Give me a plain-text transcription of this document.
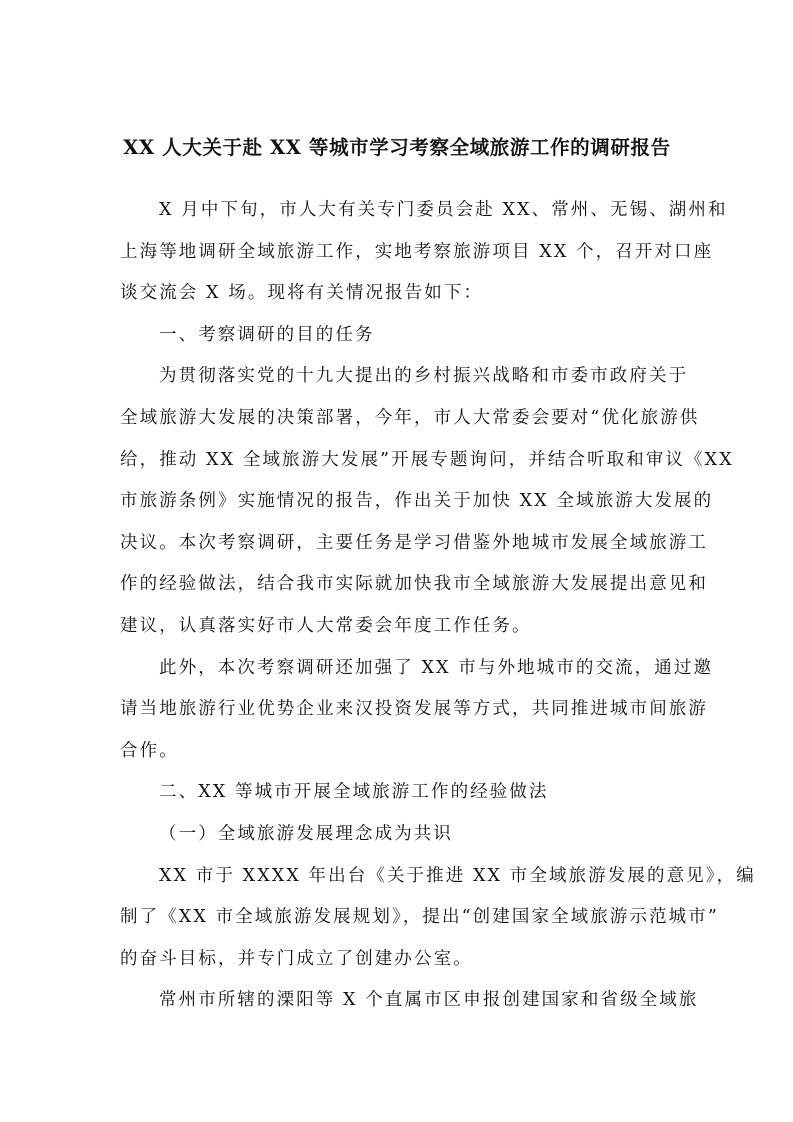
XX 人大关于赴 XX 等城市学习考察全域旅游工作的调研报告
X 月中下旬，市人大有关专门委员会赴 XX、常州、无锡、湖州和
上海等地调研全域旅游工作，实地考察旅游项目 XX 个，召开对口座
谈交流会 X 场。现将有关情况报告如下：
一、考察调研的目的任务
为贯彻落实党的十九大提出的乡村振兴战略和市委市政府关于
全域旅游大发展的决策部署，今年，市人大常委会要对“优化旅游供
给，推动 XX 全域旅游大发展”开展专题询问，并结合听取和审议《XX
市旅游条例》实施情况的报告，作出关于加快 XX 全域旅游大发展的
决议。本次考察调研，主要任务是学习借鉴外地城市发展全域旅游工
作的经验做法，结合我市实际就加快我市全域旅游大发展提出意见和
建议，认真落实好市人大常委会年度工作任务。
此外，本次考察调研还加强了 XX 市与外地城市的交流，通过邀
请当地旅游行业优势企业来汉投资发展等方式，共同推进城市间旅游
合作。
二、XX 等城市开展全域旅游工作的经验做法
（一）全域旅游发展理念成为共识
XX 市于 XXXX 年出台《关于推进 XX 市全域旅游发展的意见》，编
制了《XX 市全域旅游发展规划》，提出“创建国家全域旅游示范城市”
的奋斗目标，并专门成立了创建办公室。
常州市所辖的溧阳等 X 个直属市区申报创建国家和省级全域旅
